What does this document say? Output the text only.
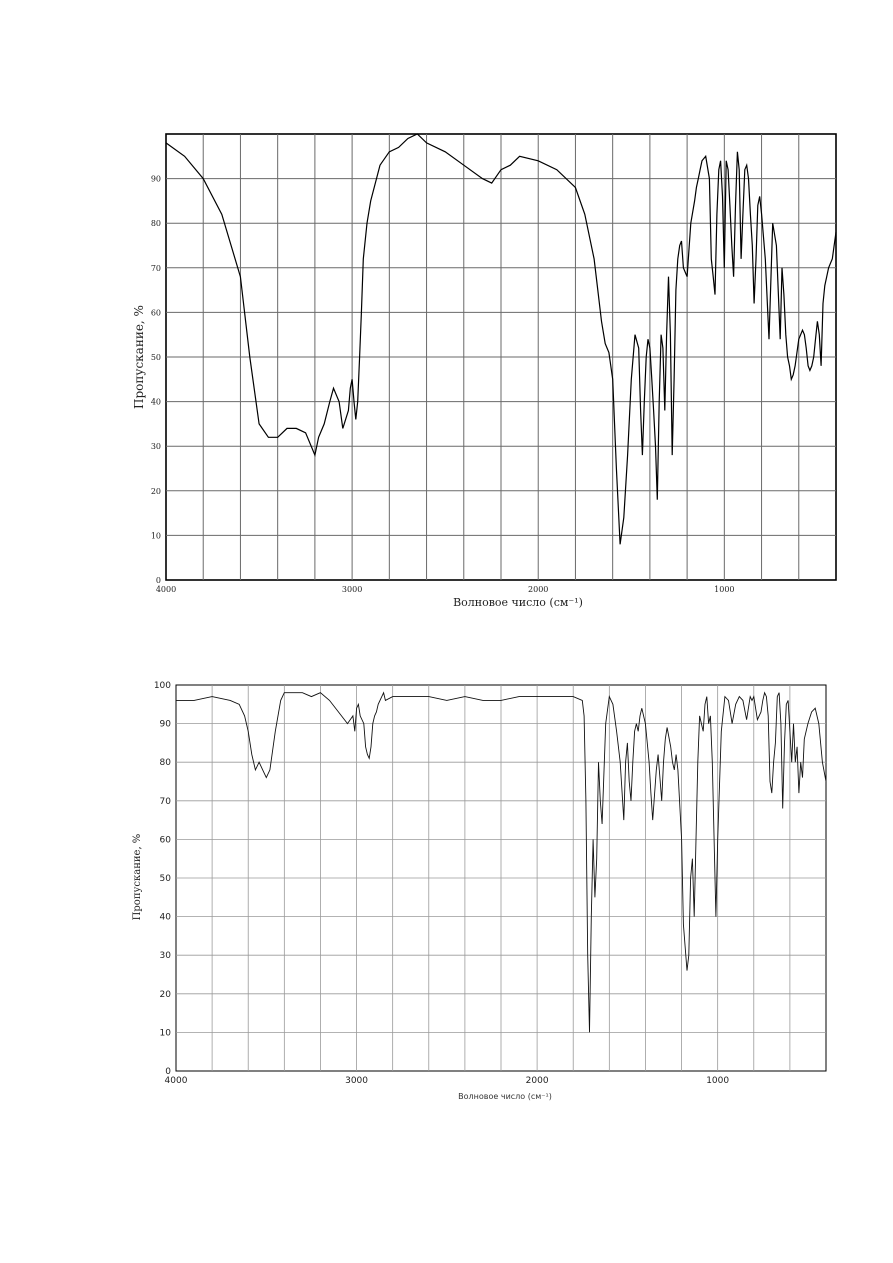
0
10
20
30
40
50
60
70
80
90
4000	3000	2000	1000
Пропускание, %
Волновое число (см⁻¹)
0
10
20
30
40
50
60
70
80
90
100
4000	3000	2000	1000
Пропускание, %
Волновое число (см⁻¹)
